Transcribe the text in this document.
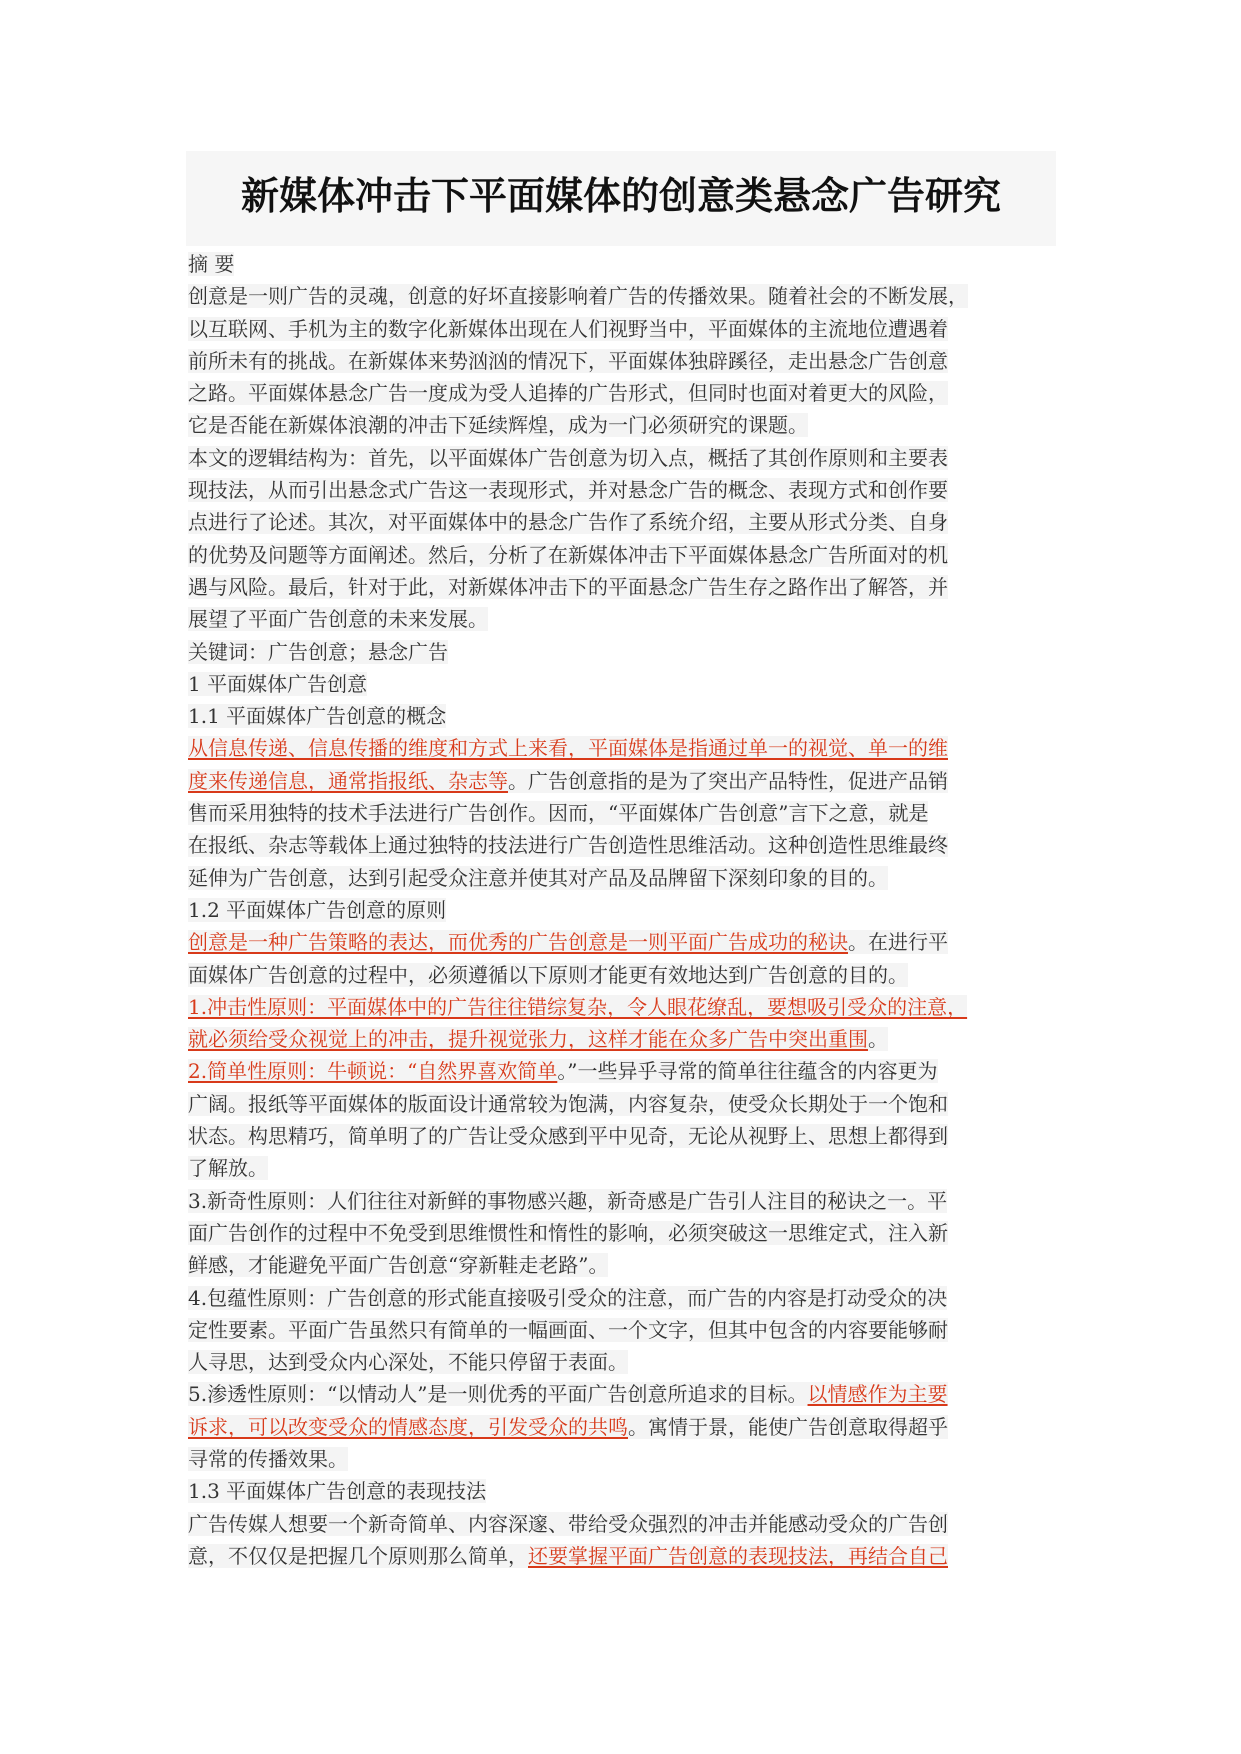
新媒体冲击下平面媒体的创意类悬念广告研究
摘 要
创意是一则广告的灵魂，创意的好坏直接影响着广告的传播效果。随着社会的不断发展，
以互联网、手机为主的数字化新媒体出现在人们视野当中，平面媒体的主流地位遭遇着
前所未有的挑战。在新媒体来势汹汹的情况下，平面媒体独辟蹊径，走出悬念广告创意
之路。平面媒体悬念广告一度成为受人追捧的广告形式，但同时也面对着更大的风险，
它是否能在新媒体浪潮的冲击下延续辉煌，成为一门必须研究的课题。
本文的逻辑结构为：首先，以平面媒体广告创意为切入点，概括了其创作原则和主要表
现技法，从而引出悬念式广告这一表现形式，并对悬念广告的概念、表现方式和创作要
点进行了论述。其次，对平面媒体中的悬念广告作了系统介绍，主要从形式分类、自身
的优势及问题等方面阐述。然后，分析了在新媒体冲击下平面媒体悬念广告所面对的机
遇与风险。最后，针对于此，对新媒体冲击下的平面悬念广告生存之路作出了解答，并
展望了平面广告创意的未来发展。
关键词：广告创意；悬念广告
1 平面媒体广告创意
1.1 平面媒体广告创意的概念
从信息传递、信息传播的维度和方式上来看，平面媒体是指通过单一的视觉、单一的维
度来传递信息，通常指报纸、杂志等。广告创意指的是为了突出产品特性，促进产品销
售而采用独特的技术手法进行广告创作。因而，“平面媒体广告创意”言下之意，就是
在报纸、杂志等载体上通过独特的技法进行广告创造性思维活动。这种创造性思维最终
延伸为广告创意，达到引起受众注意并使其对产品及品牌留下深刻印象的目的。
1.2 平面媒体广告创意的原则
创意是一种广告策略的表达，而优秀的广告创意是一则平面广告成功的秘诀。在进行平
面媒体广告创意的过程中，必须遵循以下原则才能更有效地达到广告创意的目的。
1.冲击性原则：平面媒体中的广告往往错综复杂，令人眼花缭乱，要想吸引受众的注意，
就必须给受众视觉上的冲击，提升视觉张力，这样才能在众多广告中突出重围。
2.简单性原则：牛顿说：“自然界喜欢简单。”一些异乎寻常的简单往往蕴含的内容更为
广阔。报纸等平面媒体的版面设计通常较为饱满，内容复杂，使受众长期处于一个饱和
状态。构思精巧，简单明了的广告让受众感到平中见奇，无论从视野上、思想上都得到
了解放。
3.新奇性原则：人们往往对新鲜的事物感兴趣，新奇感是广告引人注目的秘诀之一。平
面广告创作的过程中不免受到思维惯性和惰性的影响，必须突破这一思维定式，注入新
鲜感，才能避免平面广告创意“穿新鞋走老路”。
4.包蕴性原则：广告创意的形式能直接吸引受众的注意，而广告的内容是打动受众的决
定性要素。平面广告虽然只有简单的一幅画面、一个文字，但其中包含的内容要能够耐
人寻思，达到受众内心深处，不能只停留于表面。
5.渗透性原则：“以情动人”是一则优秀的平面广告创意所追求的目标。以情感作为主要
诉求，可以改变受众的情感态度，引发受众的共鸣。寓情于景，能使广告创意取得超乎
寻常的传播效果。
1.3 平面媒体广告创意的表现技法
广告传媒人想要一个新奇简单、内容深邃、带给受众强烈的冲击并能感动受众的广告创
意，不仅仅是把握几个原则那么简单，还要掌握平面广告创意的表现技法，再结合自己
